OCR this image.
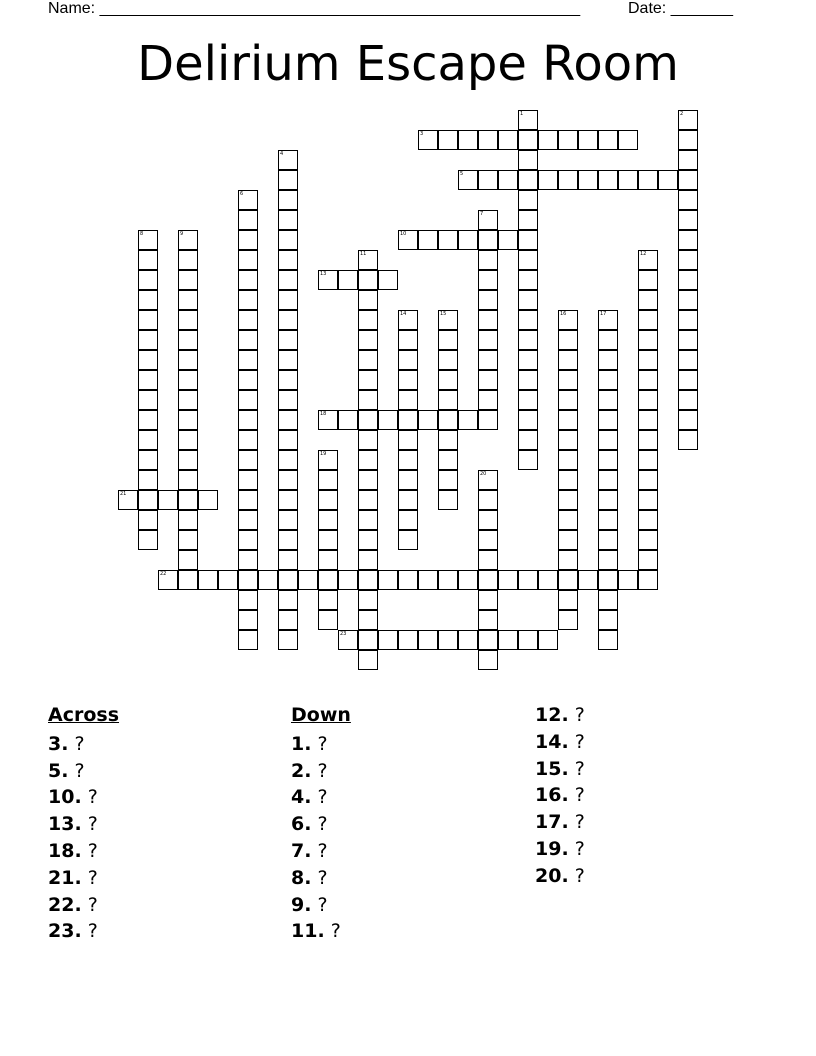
Name: ______________________________________________________	Date: _______
Delirium Escape Room
1	2
3
4
5
6
7
8	9	10
11	12
13
14	15	16	17
18
19
20
21
22
23
Across
3. ?
5. ?
10. ?
13. ?
18. ?
21. ?
22. ?
23. ?
Down
1. ?
2. ?
4. ?
6. ?
7. ?
8. ?
9. ?
11. ?
12. ?
14. ?
15. ?
16. ?
17. ?
19. ?
20. ?
